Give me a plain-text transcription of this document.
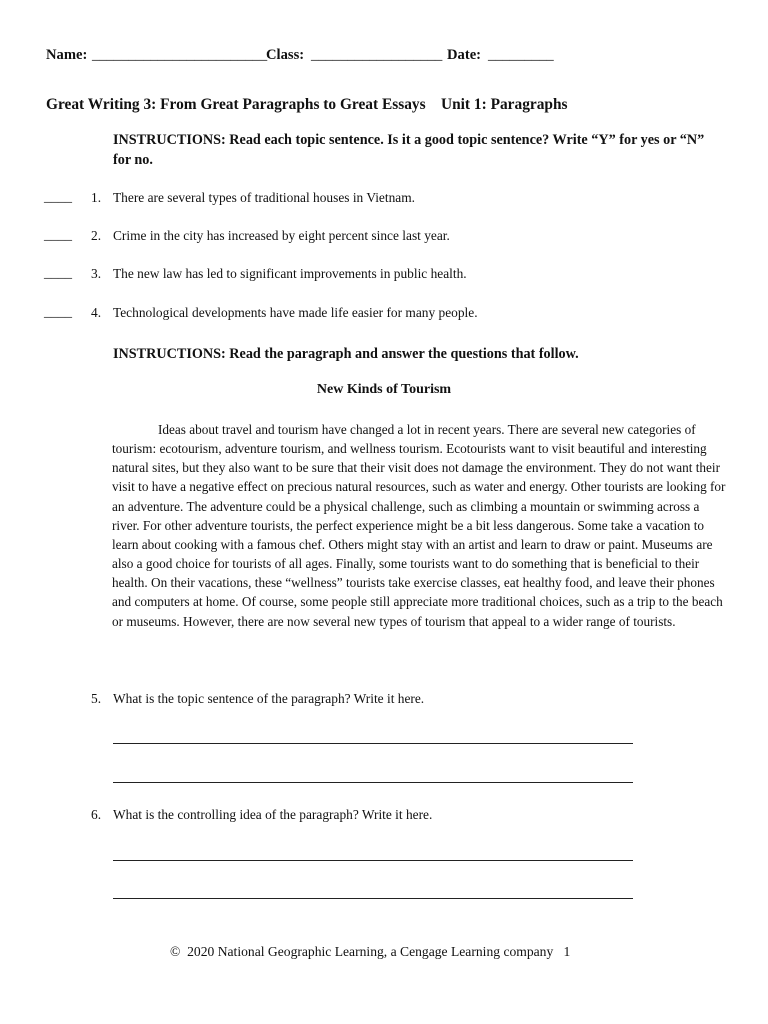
Name: ________________________
Class: __________________ Date: _________
Great Writing 3: From Great Paragraphs to Great Essays    Unit 1: Paragraphs
INSTRUCTIONS: Read each topic sentence. Is it a good topic sentence? Write “Y” for yes or “N” for no.
____ 1. There are several types of traditional houses in Vietnam.
____ 2. Crime in the city has increased by eight percent since last year.
____ 3. The new law has led to significant improvements in public health.
____ 4. Technological developments have made life easier for many people.
INSTRUCTIONS: Read the paragraph and answer the questions that follow.
New Kinds of Tourism
Ideas about travel and tourism have changed a lot in recent years. There are several new categories of tourism: ecotourism, adventure tourism, and wellness tourism. Ecotourists want to visit beautiful and interesting natural sites, but they also want to be sure that their visit does not damage the environment. They do not want their visit to have a negative effect on precious natural resources, such as water and energy. Other tourists are looking for an adventure. The adventure could be a physical challenge, such as climbing a mountain or swimming across a river. For other adventure tourists, the perfect experience might be a bit less dangerous. Some take a vacation to learn about cooking with a famous chef. Others might stay with an artist and learn to draw or paint. Museums are also a good choice for tourists of all ages. Finally, some tourists want to do something that is beneficial to their health. On their vacations, these “wellness” tourists take exercise classes, eat healthy food, and leave their phones and computers at home. Of course, some people still appreciate more traditional choices, such as a trip to the beach or museums. However, there are now several new types of tourism that appeal to a wider range of tourists.
5. What is the topic sentence of the paragraph? Write it here.
6. What is the controlling idea of the paragraph? Write it here.
©  2020 National Geographic Learning, a Cengage Learning company   1
